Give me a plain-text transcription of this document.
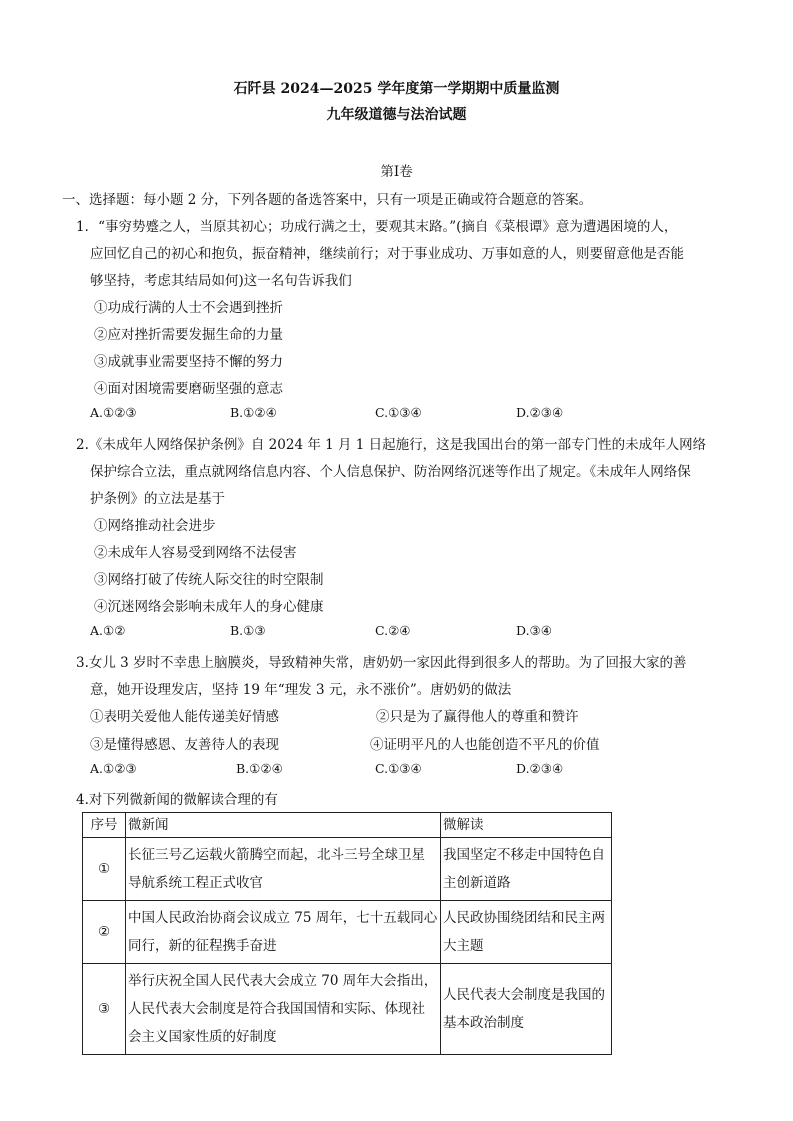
石阡县 2024—2025 学年度第一学期期中质量监测
九年级道德与法治试题
第Ⅰ卷
一、选择题：每小题 2 分，下列各题的备选答案中，只有一项是正确或符合题意的答案。
1．“事穷势蹙之人，当原其初心；功成行满之士，要观其末路。”(摘自《菜根谭》意为遭遇困境的人，
应回忆自己的初心和抱负，振奋精神，继续前行；对于事业成功、万事如意的人，则要留意他是否能
够坚持，考虑其结局如何)这一名句告诉我们
①功成行满的人士不会遇到挫折
②应对挫折需要发掘生命的力量
③成就事业需要坚持不懈的努力
④面对困境需要磨砺坚强的意志
A.①②③	B.①②④	C.①③④	D.②③④
2.《未成年人网络保护条例》自 2024 年 1 月 1 日起施行，这是我国出台的第一部专门性的未成年人网络
保护综合立法，重点就网络信息内容、个人信息保护、防治网络沉迷等作出了规定。《未成年人网络保
护条例》的立法是基于
①网络推动社会进步
②未成年人容易受到网络不法侵害
③网络打破了传统人际交往的时空限制
④沉迷网络会影响未成年人的身心健康
A.①②	B.①③	C.②④	D.③④
3.女儿 3 岁时不幸患上脑膜炎，导致精神失常，唐奶奶一家因此得到很多人的帮助。为了回报大家的善
意，她开设理发店，坚持 19 年“理发 3 元，永不涨价”。唐奶奶的做法
①表明关爱他人能传递美好情感	②只是为了赢得他人的尊重和赞许
③是懂得感恩、友善待人的表现	④证明平凡的人也能创造不平凡的价值
A.①②③	B.①②④	C.①③④	D.②③④
4.对下列微新闻的微解读合理的有
序号	微新闻	微解读
①	长征三号乙运载火箭腾空而起，北斗三号全球卫星导航系统工程正式收官	我国坚定不移走中国特色自主创新道路
②	中国人民政治协商会议成立 75 周年，七十五载同心同行，新的征程携手奋进	人民政协围绕团结和民主两大主题
③	举行庆祝全国人民代表大会成立 70 周年大会指出，人民代表大会制度是符合我国国情和实际、体现社会主义国家性质的好制度	人民代表大会制度是我国的基本政治制度
